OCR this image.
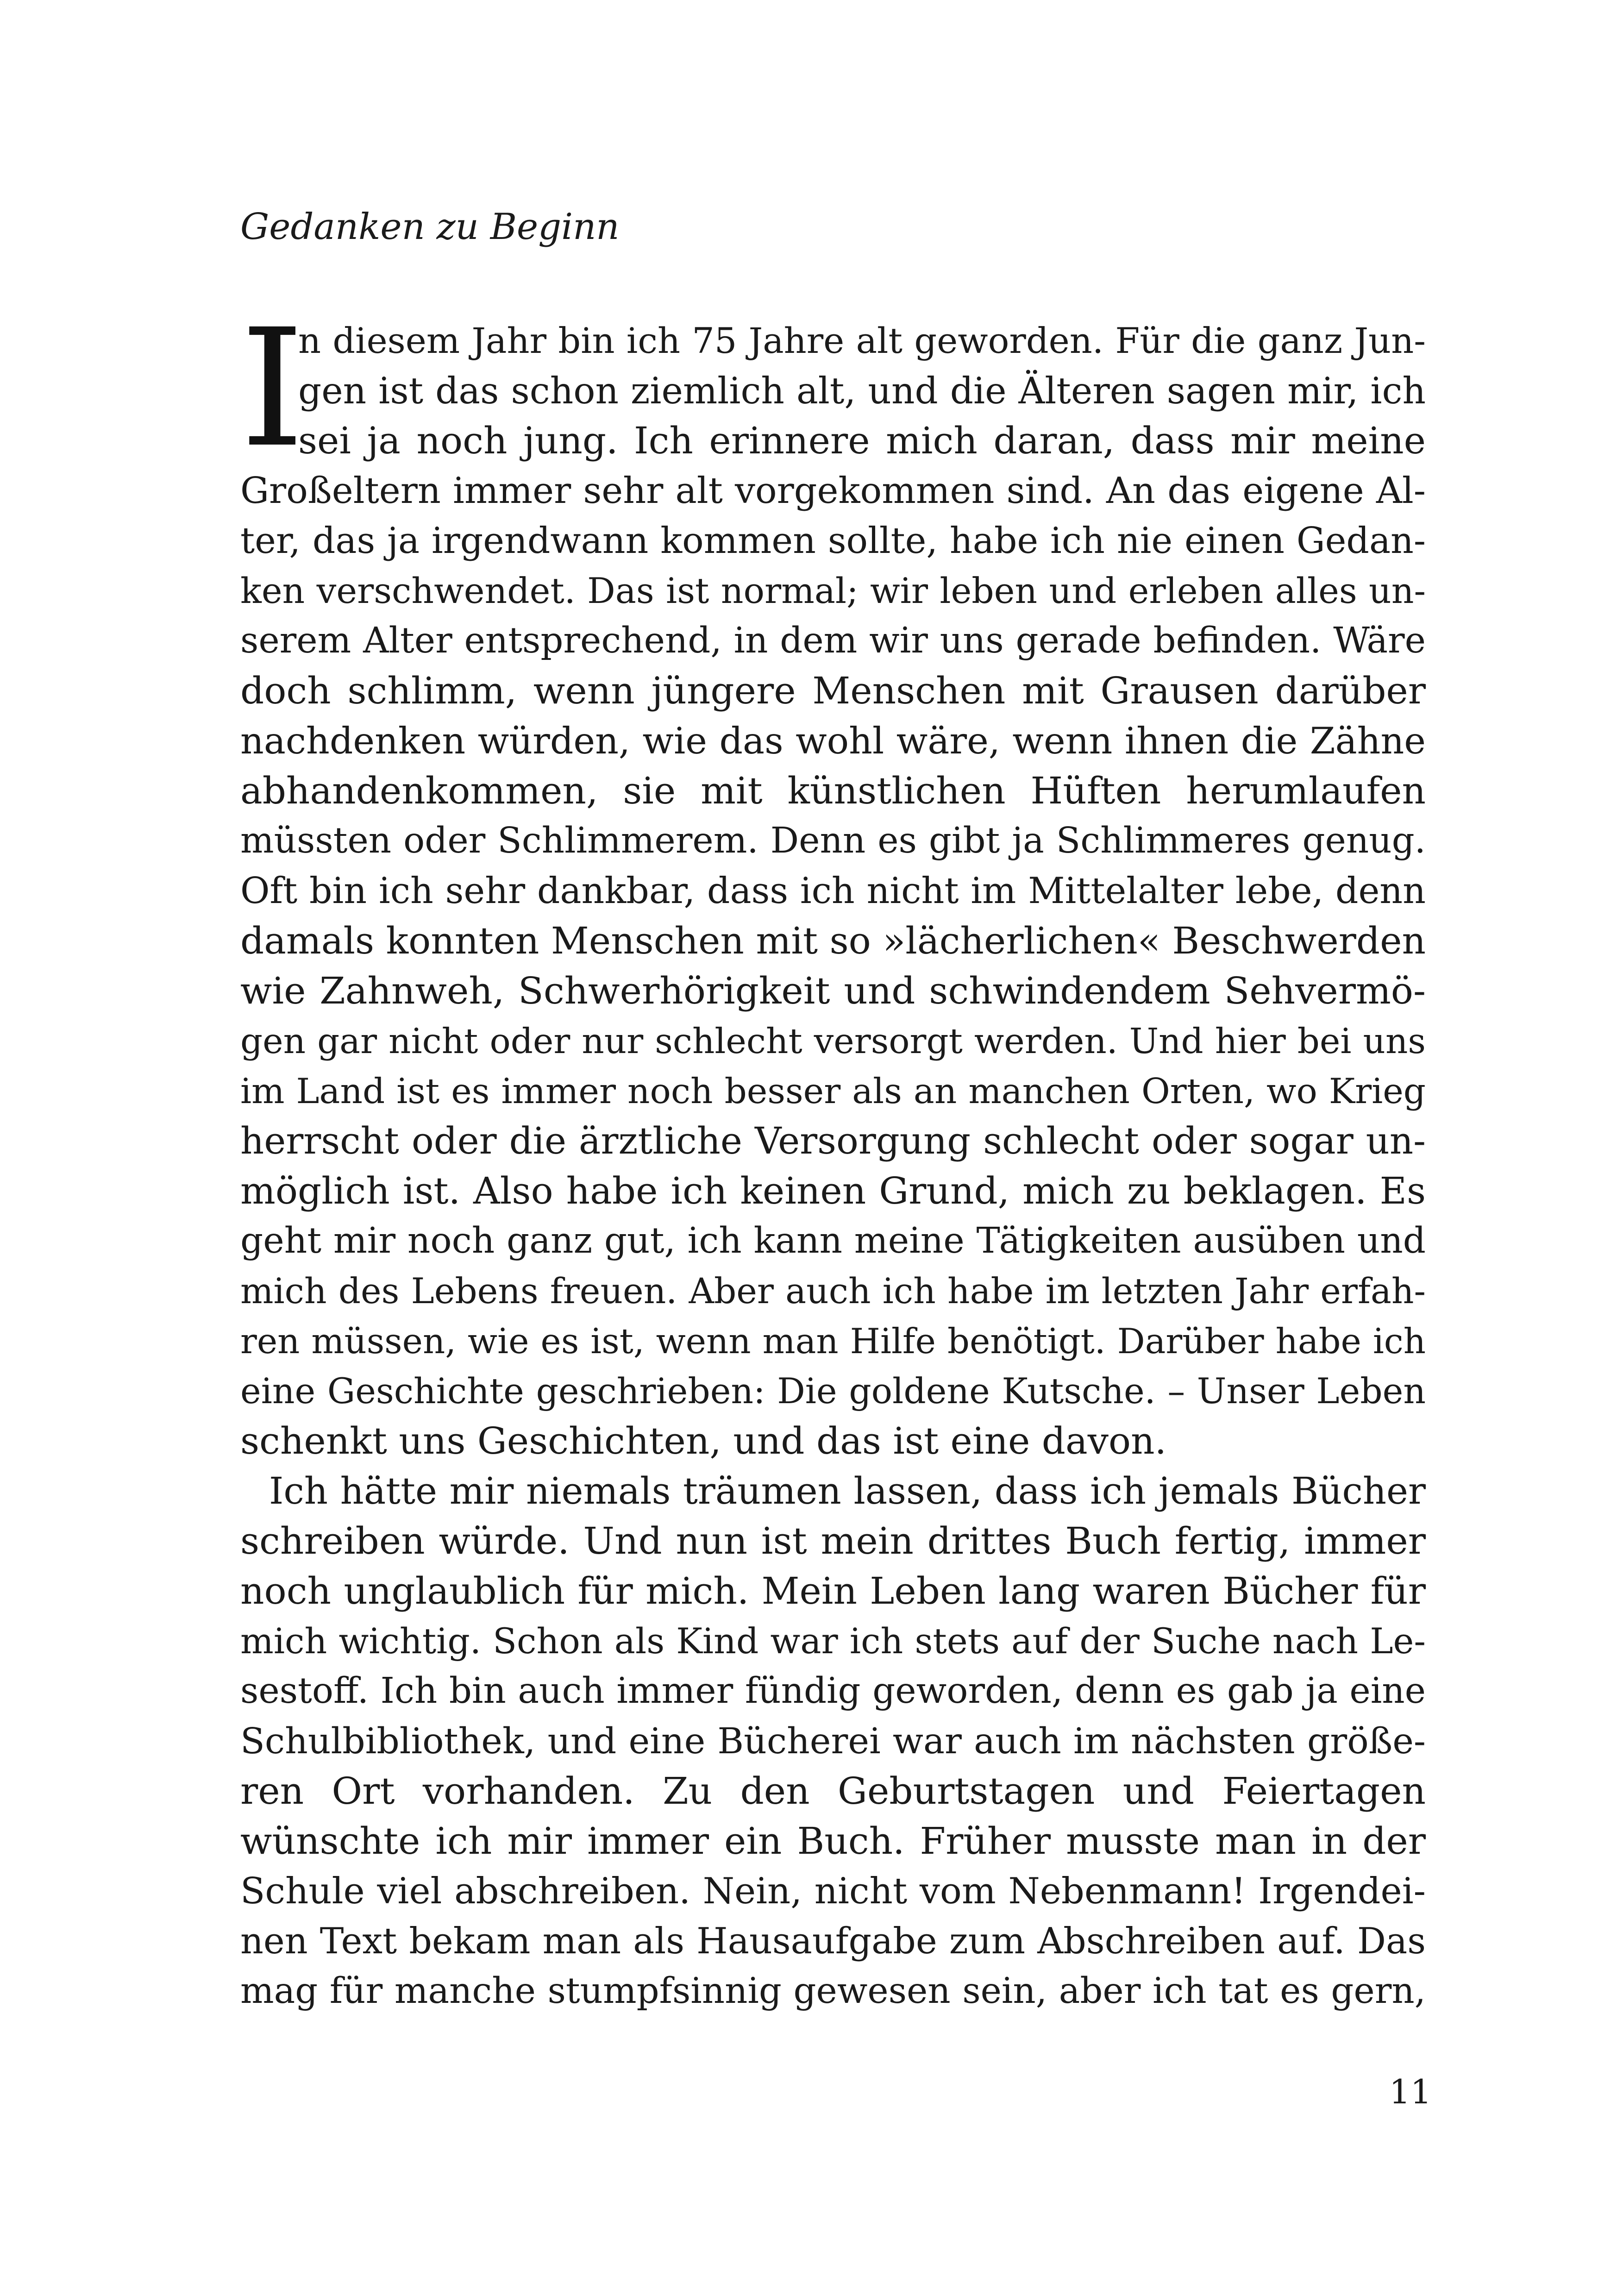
Gedanken zu Beginn
I
n diesem Jahr bin ich 75 Jahre alt geworden. Für die ganz Jun-
gen ist das schon ziemlich alt, und die Älteren sagen mir, ich
sei ja noch jung. Ich erinnere mich daran, dass mir meine
Großeltern immer sehr alt vorgekommen sind. An das eigene Al-
ter, das ja irgendwann kommen sollte, habe ich nie einen Gedan-
ken verschwendet. Das ist normal; wir leben und erleben alles un-
serem Alter entsprechend, in dem wir uns gerade befinden. Wäre
doch schlimm, wenn jüngere Menschen mit Grausen darüber
nachdenken würden, wie das wohl wäre, wenn ihnen die Zähne
abhandenkommen, sie mit künstlichen Hüften herumlaufen
müssten oder Schlimmerem. Denn es gibt ja Schlimmeres genug.
Oft bin ich sehr dankbar, dass ich nicht im Mittelalter lebe, denn
damals konnten Menschen mit so »lächerlichen« Beschwerden
wie Zahnweh, Schwerhörigkeit und schwindendem Sehvermö-
gen gar nicht oder nur schlecht versorgt werden. Und hier bei uns
im Land ist es immer noch besser als an manchen Orten, wo Krieg
herrscht oder die ärztliche Versorgung schlecht oder sogar un-
möglich ist. Also habe ich keinen Grund, mich zu beklagen. Es
geht mir noch ganz gut, ich kann meine Tätigkeiten ausüben und
mich des Lebens freuen. Aber auch ich habe im letzten Jahr erfah-
ren müssen, wie es ist, wenn man Hilfe benötigt. Darüber habe ich
eine Geschichte geschrieben: Die goldene Kutsche. – Unser Leben
schenkt uns Geschichten, und das ist eine davon.
Ich hätte mir niemals träumen lassen, dass ich jemals Bücher
schreiben würde. Und nun ist mein drittes Buch fertig, immer
noch unglaublich für mich. Mein Leben lang waren Bücher für
mich wichtig. Schon als Kind war ich stets auf der Suche nach Le-
sestoff. Ich bin auch immer fündig geworden, denn es gab ja eine
Schulbibliothek, und eine Bücherei war auch im nächsten größe-
ren Ort vorhanden. Zu den Geburtstagen und Feiertagen
wünschte ich mir immer ein Buch. Früher musste man in der
Schule viel abschreiben. Nein, nicht vom Nebenmann! Irgendei-
nen Text bekam man als Hausaufgabe zum Abschreiben auf. Das
mag für manche stumpfsinnig gewesen sein, aber ich tat es gern,
11
